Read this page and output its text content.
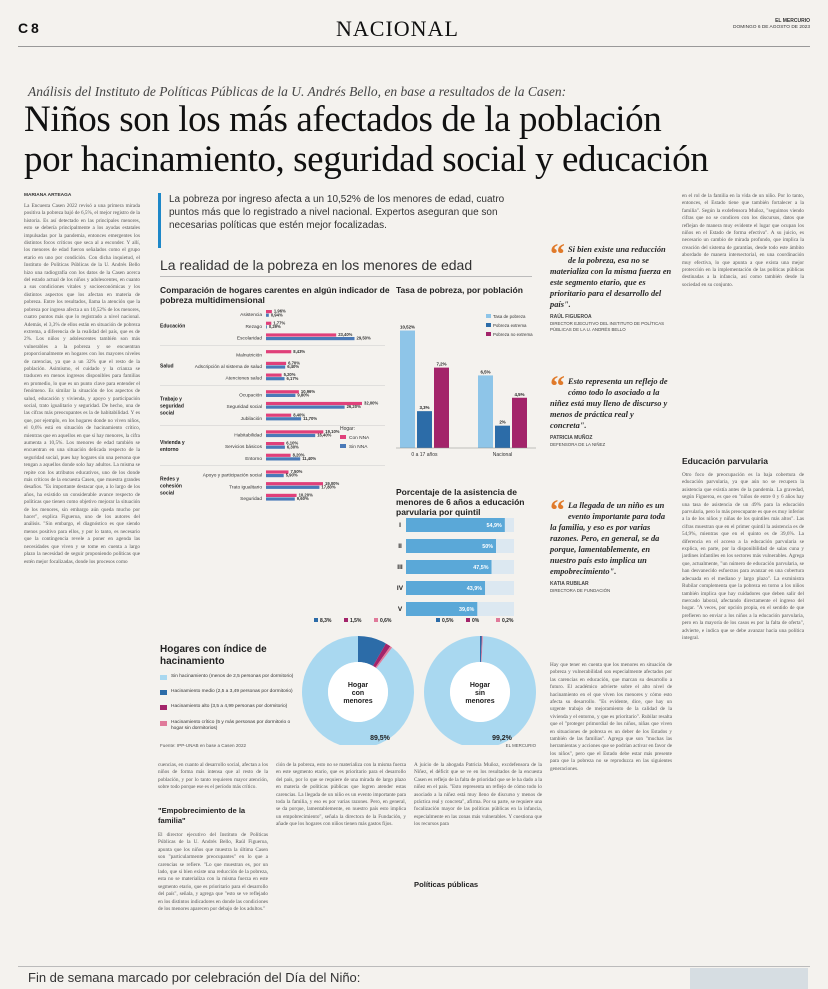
C 8	NACIONAL	EL MERCURIO
DOMINGO 6 DE AGOSTO DE 2023
Análisis del Instituto de Políticas Públicas de la U. Andrés Bello, en base a resultados de la Casen:
Niños son los más afectados de la población
por hacinamiento, seguridad social y educación
MARIANA ARTEAGA
La Encuesta Casen 2022 revisó a una primera mirada positiva la pobreza bajó de 6,5%, el mejor registro de la historia. Es así detectado en las principales menores, esto se debería principalmente a los ayudas estatales impulsadas por la pandemia, entonces emergentes los distintos focos críticos que seca al a esconder. Y allí, los menores de edad fueron señalados como el grupo etario en uno por condición. Con dicha inquietud, el Instituto de Políticas Públicas de la U. Andrés Bello hizo una radiografía con los datos de la Casen acerca del estado actual de los niños y adolescentes, en cuanto a sus condiciones vitales y socioeconómicas y los distintos aspectos que los afectan en materia de pobreza. Entre los resultados, llama la atención que la pobreza por ingreso afecta a un 10,52% de los menores, cuatro puntos más que lo registrado a nivel nacional. Además, el 3,3% de ellos están en situación de pobreza extrema, a diferencia de la realidad del país, que es de 2%. Los niños y adolescentes también son más vulnerables a la pobreza y se encuentran proporcionalmente en hogares con los mayores niveles de carencias, ya que a un 32% que el resto de la población. Asimismo, el cuidado y la crianza se traducen en menos ingresos disponibles para familias en promedio, lo que es un punto clave para entender el fenómeno. Es similar la situación de los aspectos de salud, educación y vivienda, y apoyo y participación social, trato igualitario y seguridad. De hecho, una de las cifras más preocupantes es la de habitabilidad. Y es que, por ejemplo, en los hogares donde no viven niños, el 0,6% está en situación de hacinamiento crítico, mientras que en aquellos en que sí hay menores, la cifra aumenta a 10,5%. Los menores de edad también se encuentran en una situación delicada respecto de la seguridad social, pues hay hogares sin una persona que tengan a aquellos donde solo hay adultos. La misma se repite con los atributos educativos, uno de los donde más críticos de la encuesta Casen, que muestra grandes desafíos. "Es importante destacar que, a lo largo de los años, ha existido un considerable avance respecto de políticas que tienen como objetivo mejorar la situación de los menores, sin embargo aún queda mucho por hacer", explica Figueroa, uno de los autores del análisis. "Sin embargo, el diagnóstico es que siendo menos positivo para ellos, y por lo tanto, es necesario que la contingencia revele a poner en agenda las necesidades que viven y se tome en cuenta a largo plazo la necesidad de seguir proponiendo políticas que estén mejor focalizadas, donde los procesos como
La pobreza por ingreso afecta a un 10,52% de los menores de edad, cuatro puntos más que lo registrado a nivel nacional. Expertos aseguran que son necesarias políticas que estén mejor focalizadas.
La realidad de la pobreza en los menores de edad
Comparación de hogares carentes en algún indicador de pobreza multidimensional
Asistencia
1,96%
0,94%
Rezago
1,77%
0,29%
Escolaridad
23,40%
29,50%
Educación
Malnutrición
8,43%
Adscripción al sistema de salud
6,70%
6,40%
Atenciones salud
5,20%
6,17%
Salud
Ocupación
10,96%
9,80%
Seguridad social
32,00%
26,20%
Jubilación
8,40%
11,70%
Trabajo y
seguridad
social
Habitabilidad
19,10%
16,40%
Servicios básicos
6,10%
6,30%
Entorno
8,20%
11,40%
Vivienda y
entorno
Apoyo y participación social
7,50%
5,90%
Trato igualitario
19,00%
17,80%
Seguridad
10,20%
9,60%
Redes y
cohesión
social
Hogar:
Con NNA
Sin NNA
Tasa de pobreza, por población
10,52%
3,3%
7,2%
0 a 17 años
6,5%
2%
4,5%
Nacional
Tasa de pobreza
Pobreza extrema
Pobreza no extrema
Porcentaje de la asistencia de menores de 6 años a educación parvularia por quintil
I	54,9%
II	50%
III	47,5%
IV	43,9%
V	39,6%
Hogares con índice de hacinamiento
Sin hacinamiento (menos de 2,5 personas por dormitorio)
Hacinamiento medio (2,5 a 3,49 personas por dormitorio)
Hacinamiento alto (3,5 a 4,99 personas por dormitorio)
Hacinamiento crítico (5 y más personas por dormitorio o hogar sin dormitorios)
Hogar
con
menores
89,5%
8,3%	1,5%	0,6%
Hogar
sin
menores
99,2%
0,5%	0%	0,2%
Fuente: IPP-UNAB en base a Casen 2022	EL MERCURIO
“ Si bien existe una reducción de la pobreza, esa no se materializa con la misma fuerza en este segmento etario, que es prioritario para el desarrollo del país".
RAÚL FIGUEROA
DIRECTOR EJECUTIVO DEL INSTITUTO DE POLÍTICAS PÚBLICAS DE LA U. ANDRÉS BELLO
“ Esto representa un reflejo de cómo todo lo asociado a la niñez está muy lleno de discurso y menos de práctica real y concreta".
PATRICIA MUÑOZ
DEFENSORA DE LA NIÑEZ
“ La llegada de un niño es un evento importante para toda la familia, y eso es por varias razones. Pero, en general, se da porque, lamentablemente, en nuestro país esto implica un empobrecimiento".
KATIA RUBILAR
DIRECTORA DE FUNDACIÓN
Hay que tener en cuenta que los menores en situación de pobreza y vulnerabilidad son especialmente afectados por las carencias en educación, que marcan su desarrollo a futuro. El académico advierte sobre el alto nivel de hacinamiento en el que viven los menores y cómo esto afecta su desarrollo. "Es evidente, dice, que hay un urgente trabajo de mejoramiento de la calidad de la vivienda y el entorno, y que es prioritario". Rubilar resalta que el "proteger primordial de los niños, niñas que viven en situaciones de pobreza es un deber de los Estados y también de las familias". Agrega que son "muchas las herramientas y acciones que se podrían activar en favor de los niños", pero que el Estado debe estar más presente para que la pobreza no se reproduzca en las siguientes generaciones.
en el rol de la familia en la vida de un niño. Por lo tanto, entonces, el Estado tiene que también fortalecer a la familia". Según la exdefensora Muñoz, "seguimos viendo cifras que no se condicen con los discursos, datos que reflejan de manera muy evidente el lugar que ocupan los niños en el Estado de forma efectiva". A su juicio, es necesario un cambio de mirada profundo, que implica la creación del sistema de garantías, desde todo este ámbito abordado de manera intersectorial, en una coordinación muy efectiva, lo que apunta a que exista una mejor protección en la implementación de las políticas públicas destinadas a la infancia, así como también desde la sociedad en su conjunto.
Educación parvularia
Otro foco de preocupación es la baja cobertura de educación parvularia, ya que aún no se recupera la asistencia que existía antes de la pandemia. La gravedad, según Figueroa, es que en "niños de entre 0 y 6 años hay una tasa de asistencia de un 49% para la educación parvularia, pero lo más preocupante es que es muy inferior a la de los niños y niñas de los quintiles más altos". Las cifras muestran que en el primer quintil la asistencia es de 54,9%, mientras que en el quinto es de 39,6%. La diferencia en el acceso a la educación parvularia se explica, en parte, por la disponibilidad de salas cuna y jardines infantiles en los sectores más vulnerables. Agrega que, actualmente, "un número de educación parvularia, se han desvanecido esfuerzos para avanzar en una cobertura adecuada en el mediano y largo plazo". La exministra Rubilar complementa que la pobreza en torno a los niños también implica que hay cuidadores que deben salir del mercado laboral, afectando directamente el ingreso del hogar. "A veces, por opción propia, en el sentido de que prefieren no enviar a los niños a la educación parvularia, pero en la mayoría de los casos es por la falta de oferta", advierte, e indica que se debe avanzar hacia una política integral.
cuencias, en cuanto al desarrollo social, afectan a los niños de forma más intensa que al resto de la población, y por lo tanto requieren mayor atención, sobre todo porque ese es el período más crítico.
"Empobrecimiento de la familia"
El director ejecutivo del Instituto de Políticas Públicas de la U. Andrés Bello, Raúl Figueroa, apunta que los niños que muestra la última Casen son "particularmente preocupantes" en lo que a carencias se refiere. "Lo que muestran es, por un lado, que si bien existe una reducción de la pobreza, esta no se materializa con la misma fuerza en este segmento etario, que es prioritario para el desarrollo del país", señala, y agrega que "esto se ve reflejado en los distintos indicadores en donde las condiciones de los menores aparecen por debajo de los adultos."
ción de la pobreza, esto no se materializa con la misma fuerza en este segmento etario, que es prioritario para el desarrollo del país, por lo que se requiere de una mirada de largo plazo en materia de políticas públicas que logren atender estas carencias. La llegada de un niño es un evento importante para toda la familia, y eso es por varias razones. Pero, en general, se da porque, lamentablemente, en nuestro país esto implica un empobrecimiento", señala la directora de la Fundación, y añade que los hogares con niños tienen más gastos fijos.
A juicio de la abogada Patricia Muñoz, excdefensora de la Niñez, el déficit que se ve en los resultados de la encuesta Casen es reflejo de la falta de prioridad que se le ha dado a la niñez en el país. "Esto representa un reflejo de cómo todo lo asociado a la niñez está muy lleno de discurso y menos de práctica real y concreta", afirma. Por su parte, se requiere una focalización mayor de las políticas públicas en la infancia, especialmente en las zonas más vulnerables. Y cuestiona que los recursos para
Políticas públicas
Fin de semana marcado por celebración del Día del Niño:
